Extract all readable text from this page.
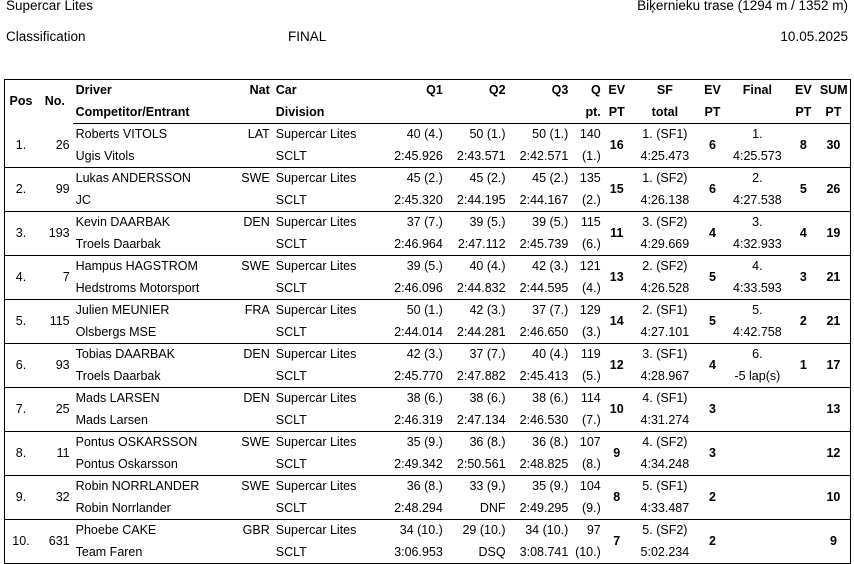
Supercar Lites	Biķernieku trase (1294 m / 1352 m)
Classification	FINAL	10.05.2025
Pos	No.	Driver	Nat	Car	Q1	Q2	Q3	Q	EV	SF	EV	Final	EV	SUM
		Competitor/Entrant		Division				pt.	PT	total	PT		PT	PT
1.	26	Roberts VITOLS	LAT	Supercar Lites	40 (4.)	50 (1.)	50 (1.)	140	16	1. (SF1)	6	1.	8	30
		Ugis Vitols		SCLT	2:45.926	2:43.571	2:42.571	(1.)		4:25.473		4:25.573		
2.	99	Lukas ANDERSSON	SWE	Supercar Lites	45 (2.)	45 (2.)	45 (2.)	135	15	1. (SF2)	6	2.	5	26
		JC		SCLT	2:45.320	2:44.195	2:44.167	(2.)		4:26.138		4:27.538		
3.	193	Kevin DAARBAK	DEN	Supercar Lites	37 (7.)	39 (5.)	39 (5.)	115	11	3. (SF2)	4	3.	4	19
		Troels Daarbak		SCLT	2:46.964	2:47.112	2:45.739	(6.)		4:29.669		4:32.933		
4.	7	Hampus HAGSTROM	SWE	Supercar Lites	39 (5.)	40 (4.)	42 (3.)	121	13	2. (SF2)	5	4.	3	21
		Hedstroms Motorsport		SCLT	2:46.096	2:44.832	2:44.595	(4.)		4:26.528		4:33.593		
5.	115	Julien MEUNIER	FRA	Supercar Lites	50 (1.)	42 (3.)	37 (7.)	129	14	2. (SF1)	5	5.	2	21
		Olsbergs MSE		SCLT	2:44.014	2:44.281	2:46.650	(3.)		4:27.101		4:42.758		
6.	93	Tobias DAARBAK	DEN	Supercar Lites	42 (3.)	37 (7.)	40 (4.)	119	12	3. (SF1)	4	6.	1	17
		Troels Daarbak		SCLT	2:45.770	2:47.882	2:45.413	(5.)		4:28.967		-5 lap(s)		
7.	25	Mads LARSEN	DEN	Supercar Lites	38 (6.)	38 (6.)	38 (6.)	114	10	4. (SF1)	3			13
		Mads Larsen		SCLT	2:46.319	2:47.134	2:46.530	(7.)		4:31.274				
8.	11	Pontus OSKARSSON	SWE	Supercar Lites	35 (9.)	36 (8.)	36 (8.)	107	9	4. (SF2)	3			12
		Pontus Oskarsson		SCLT	2:49.342	2:50.561	2:48.825	(8.)		4:34.248				
9.	32	Robin NORRLANDER	SWE	Supercar Lites	36 (8.)	33 (9.)	35 (9.)	104	8	5. (SF1)	2			10
		Robin Norrlander		SCLT	2:48.294	DNF	2:49.295	(9.)		4:33.487				
10.	631	Phoebe CAKE	GBR	Supercar Lites	34 (10.)	29 (10.)	34 (10.)	97	7	5. (SF2)	2			9
		Team Faren		SCLT	3:06.953	DSQ	3:08.741	(10.)		5:02.234				
